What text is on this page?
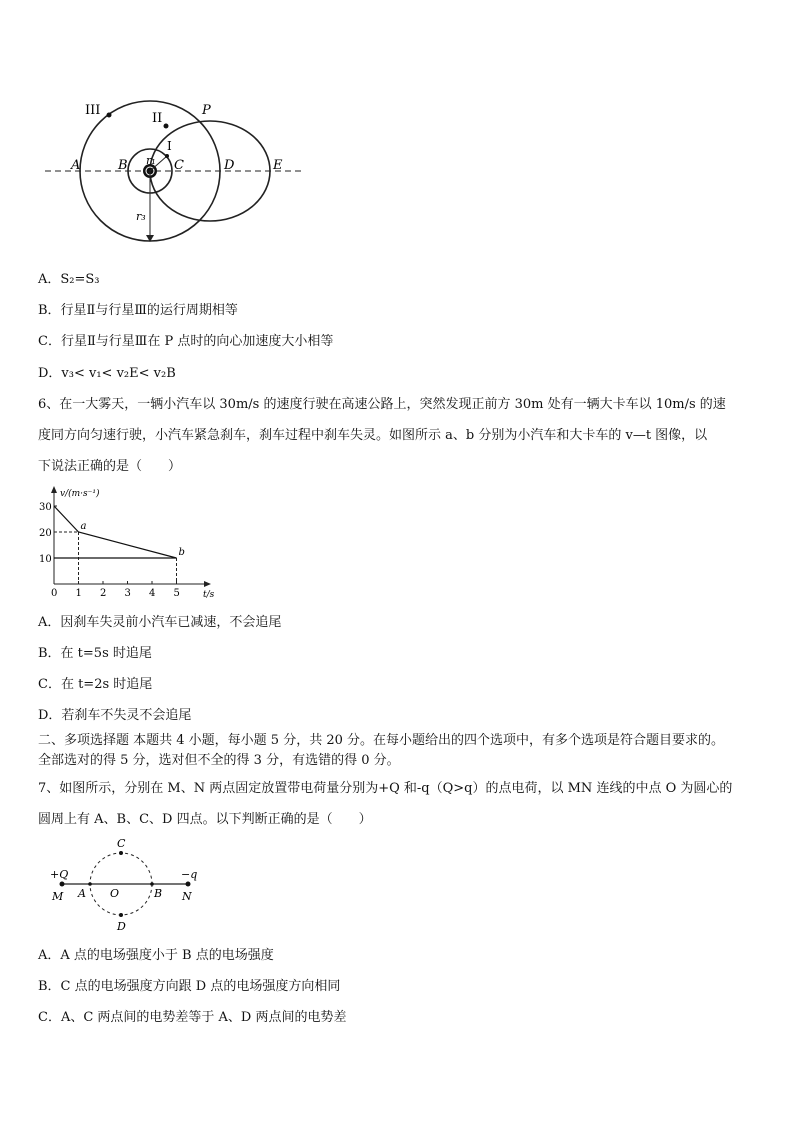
III
II
I
P
A	B	C	D	E
r₁
r₃
A．S₂=S₃
B．行星Ⅱ与行星Ⅲ的运行周期相等
C．行星Ⅱ与行星Ⅲ在 P 点时的向心加速度大小相等
D．v₃< v₁< v₂E< v₂B
6、在一大雾天，一辆小汽车以 30m/s 的速度行驶在高速公路上，突然发现正前方 30m 处有一辆大卡车以 10m/s 的速
度同方向匀速行驶，小汽车紧急刹车，刹车过程中刹车失灵。如图所示 a、b 分别为小汽车和大卡车的 v—t 图像，以
下说法正确的是（　　）
v/(m·s⁻¹)
t/s
0 1 2 3 4 5
10
20
30
a
b
A．因刹车失灵前小汽车已减速，不会追尾
B．在 t=5s 时追尾
C．在 t=2s 时追尾
D．若刹车不失灵不会追尾
二、多项选择题 本题共 4 小题，每小题 5 分，共 20 分。在每小题给出的四个选项中，有多个选项是符合题目要求的。
全部选对的得 5 分，选对但不全的得 3 分，有选错的得 0 分。
7、如图所示，分别在 M、N 两点固定放置带电荷量分别为+Q 和-q（Q>q）的点电荷，以 MN 连线的中点 O 为圆心的
圆周上有 A、B、C、D 四点。以下判断正确的是（　　）
+Q	−q
M	N
A O	B
C
D
A．A 点的电场强度小于 B 点的电场强度
B．C 点的电场强度方向跟 D 点的电场强度方向相同
C．A、C 两点间的电势差等于 A、D 两点间的电势差
